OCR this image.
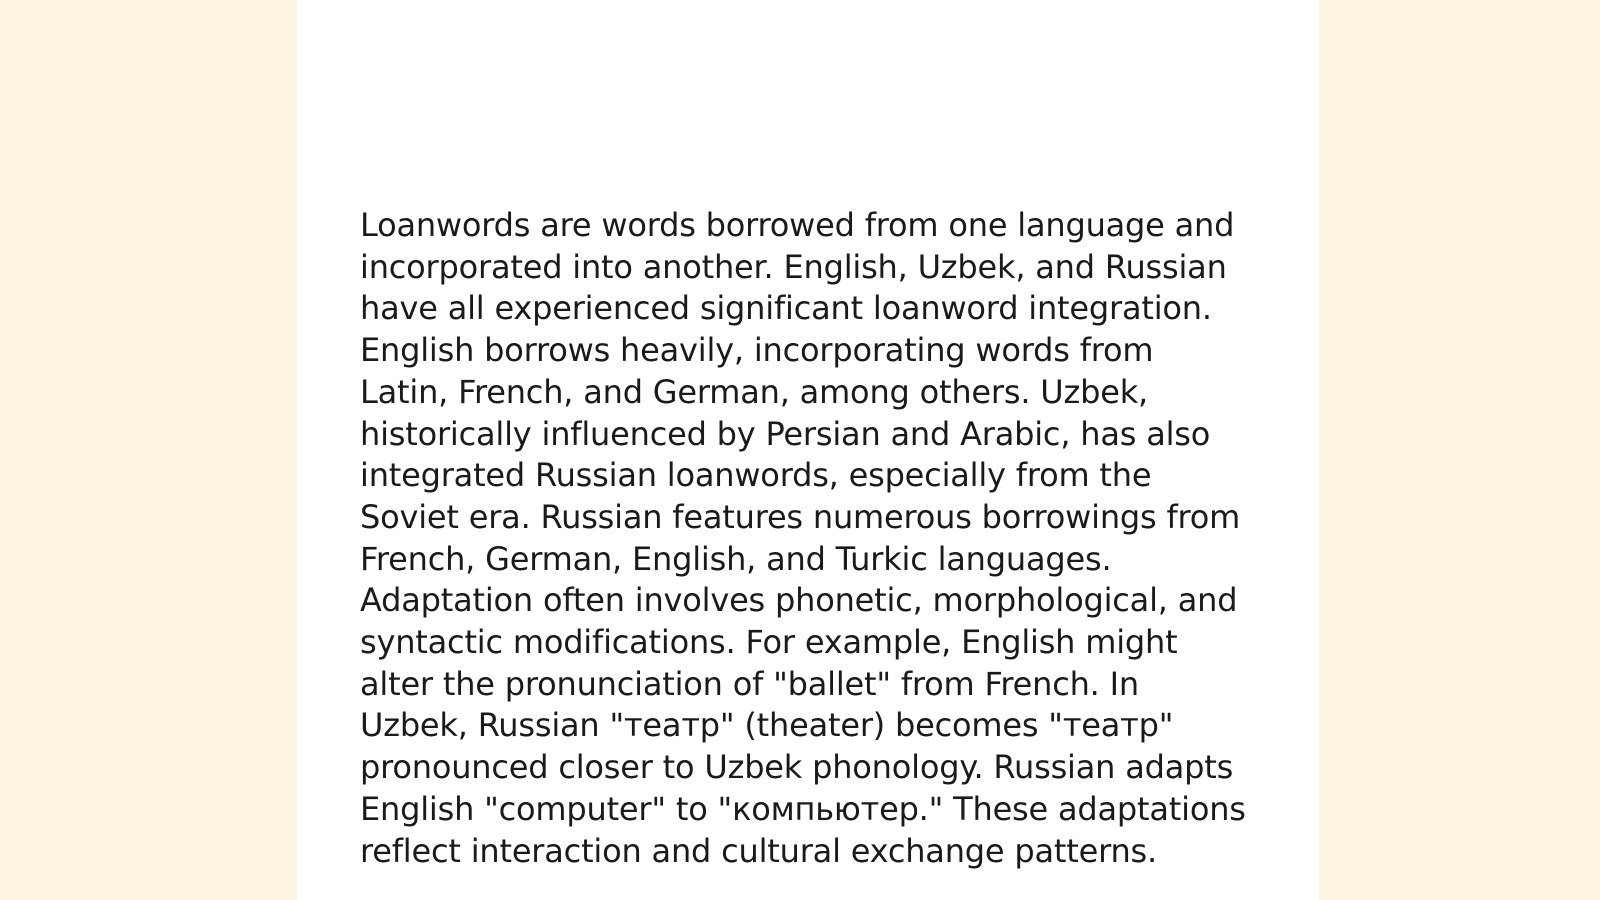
Loanwords are words borrowed from one language and incorporated into another. English, Uzbek, and Russian have all experienced significant loanword integration. English borrows heavily, incorporating words from Latin, French, and German, among others. Uzbek, historically influenced by Persian and Arabic, has also integrated Russian loanwords, especially from the Soviet era. Russian features numerous borrowings from French, German, English, and Turkic languages. Adaptation often involves phonetic, morphological, and syntactic modifications. For example, English might alter the pronunciation of "ballet" from French. In Uzbek, Russian "театр" (theater) becomes "театр" pronounced closer to Uzbek phonology. Russian adapts English "computer" to "компьютер." These adaptations reflect interaction and cultural exchange patterns.
